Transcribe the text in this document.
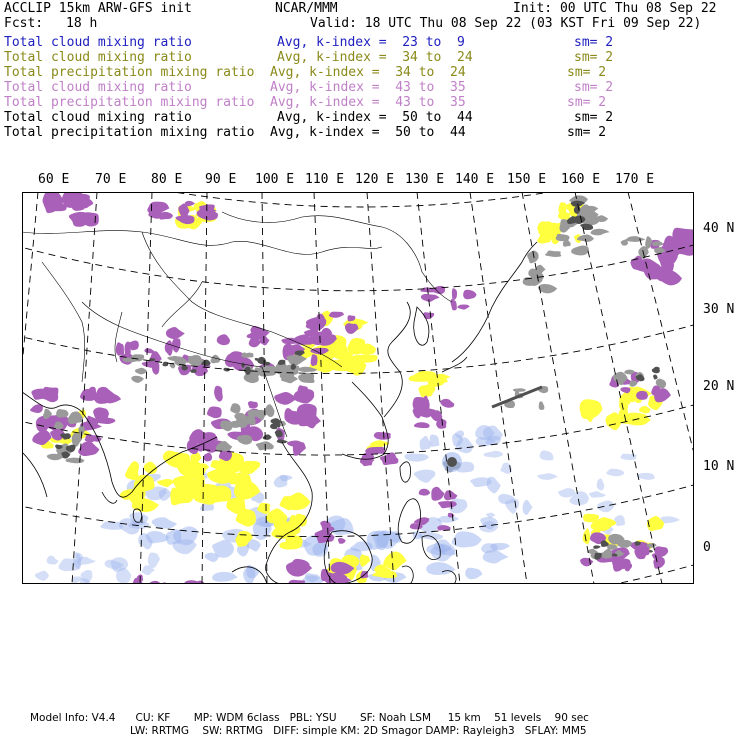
ACCLIP 15km ARW-GFS init	NCAR/MMM	Init: 00 UTC Thu 08 Sep 22
Fcst: 18 h	Valid: 18 UTC Thu 08 Sep 22 (03 KST Fri 09 Sep 22)
Total cloud mixing ratio	Avg, k-index =  23 to  9	sm= 2
Total cloud mixing ratio	Avg, k-index =  34 to  24	sm= 2
Total precipitation mixing ratio Avg, k-index =  34 to  24	sm= 2
Total cloud mixing ratio	Avg, k-index =  43 to  35	sm= 2
Total precipitation mixing ratio Avg, k-index =  43 to  35	sm= 2
Total cloud mixing ratio	Avg, k-index =  50 to  44	sm= 2
Total precipitation mixing ratio Avg, k-index =  50 to  44	sm= 2
60 E 70 E 80 E 90 E 100 E 110 E 120 E 130 E 140 E 150 E 160 E 170 E
40 N
30 N
20 N
10 N
0
Model Info: V4.4      CU: KF       MP: WDM 6class   PBL: YSU       SF: Noah LSM     15 km    51 levels    90 sec
LW: RRTMG    SW: RRTMG   DIFF: simple KM: 2D Smagor DAMP: Rayleigh3   SFLAY: MM5
